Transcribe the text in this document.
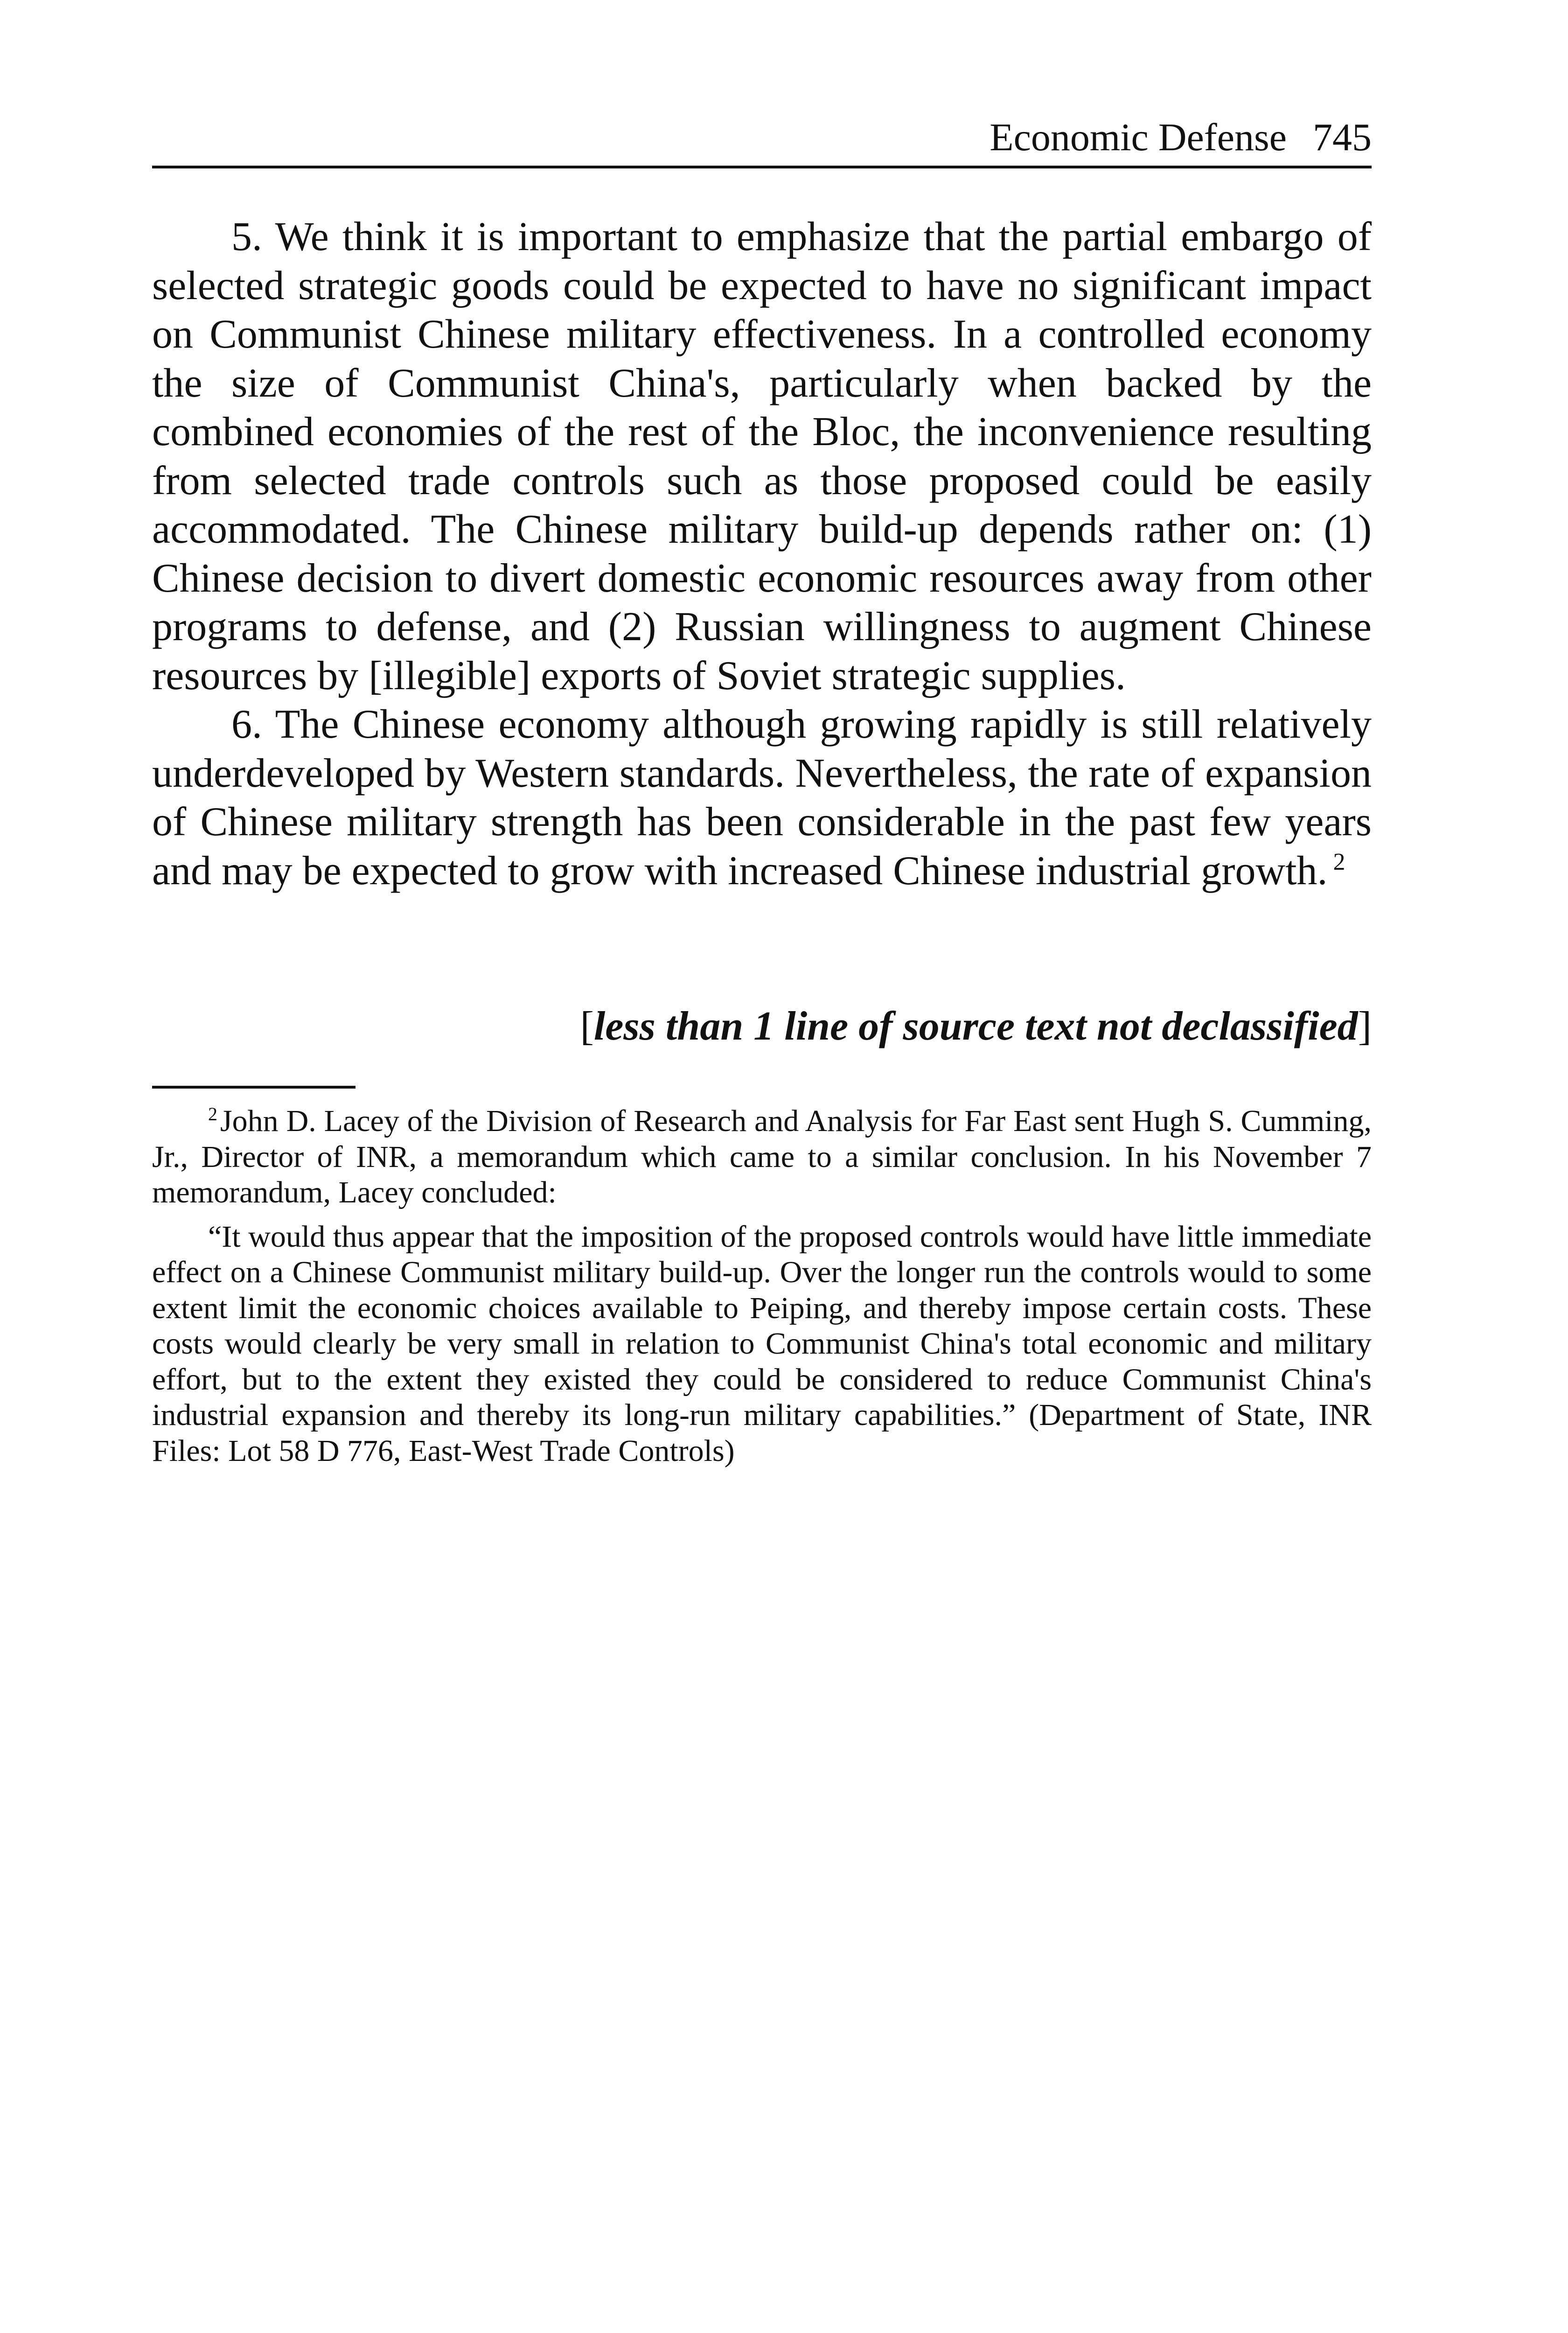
Economic Defense 745

5. We think it is important to emphasize that the partial embargo of selected strategic goods could be expected to have no significant impact on Communist Chinese military effectiveness. In a controlled economy the size of Communist China's, particularly when backed by the combined economies of the rest of the Bloc, the inconvenience resulting from selected trade controls such as those proposed could be easily accommodated. The Chinese military build-up depends rather on: (1) Chinese decision to divert domestic economic resources away from other programs to defense, and (2) Russian willingness to augment Chinese resources by [illegible] exports of Soviet strategic supplies.

6. The Chinese economy although growing rapidly is still relatively underdeveloped by Western standards. Nevertheless, the rate of expansion of Chinese military strength has been considerable in the past few years and may be expected to grow with increased Chinese industrial growth. $^2$

[less than 1 line of source text not declassified]

$^2$John D. Lacey of the Division of Research and Analysis for Far East sent Hugh S. Cumming, Jr., Director of INR, a memorandum which came to a similar conclusion. In his November 7 memorandum, Lacey concluded:

“It would thus appear that the imposition of the proposed controls would have little immediate effect on a Chinese Communist military build-up. Over the longer run the controls would to some extent limit the economic choices available to Peiping, and thereby impose certain costs. These costs would clearly be very small in relation to Communist China's total economic and military effort, but to the extent they existed they could be considered to reduce Communist China's industrial expansion and thereby its long-run military capabilities.” (Department of State, INR Files: Lot 58 D 776, East-West Trade Controls)
